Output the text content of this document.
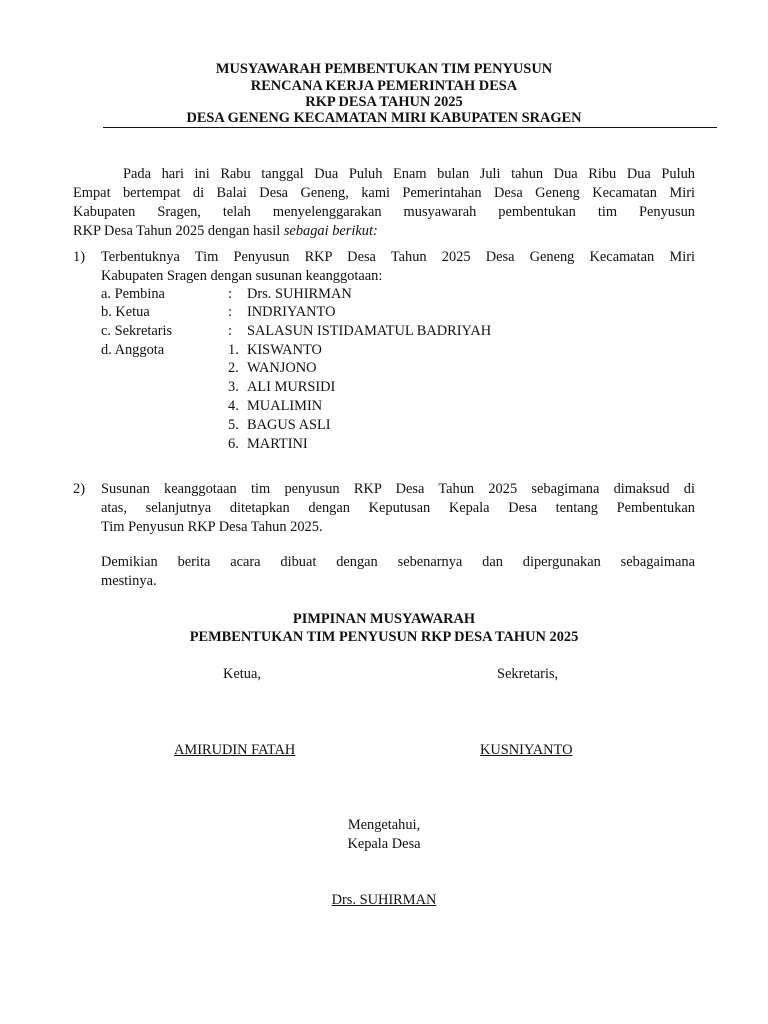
MUSYAWARAH PEMBENTUKAN TIM PENYUSUN
RENCANA KERJA PEMERINTAH DESA
RKP DESA TAHUN 2025
DESA GENENG KECAMATAN MIRI KABUPATEN SRAGEN
Pada hari ini Rabu tanggal Dua Puluh Enam bulan Juli tahun Dua Ribu Dua Puluh
Empat bertempat di Balai Desa Geneng, kami Pemerintahan Desa Geneng Kecamatan Miri
Kabupaten Sragen, telah menyelenggarakan musyawarah pembentukan tim Penyusun
RKP Desa Tahun 2025 dengan hasil sebagai berikut:
1) Terbentuknya Tim Penyusun RKP Desa Tahun 2025 Desa Geneng Kecamatan Miri
Kabupaten Sragen dengan susunan keanggotaan:
a. Pembina	: Drs. SUHIRMAN
b. Ketua	: INDRIYANTO
c. Sekretaris	: SALASUN ISTIDAMATUL BADRIYAH
d. Anggota	1. KISWANTO
2. WANJONO
3. ALI MURSIDI
4. MUALIMIN
5. BAGUS ASLI
6. MARTINI
2) Susunan keanggotaan tim penyusun RKP Desa Tahun 2025 sebagimana dimaksud di
atas, selanjutnya ditetapkan dengan Keputusan Kepala Desa tentang Pembentukan
Tim Penyusun RKP Desa Tahun 2025.
Demikian berita acara dibuat dengan sebenarnya dan dipergunakan sebagaimana
mestinya.
PIMPINAN MUSYAWARAH
PEMBENTUKAN TIM PENYUSUN RKP DESA TAHUN 2025
Ketua,	Sekretaris,
AMIRUDIN FATAH	KUSNIYANTO
Mengetahui,
Kepala Desa
Drs. SUHIRMAN
